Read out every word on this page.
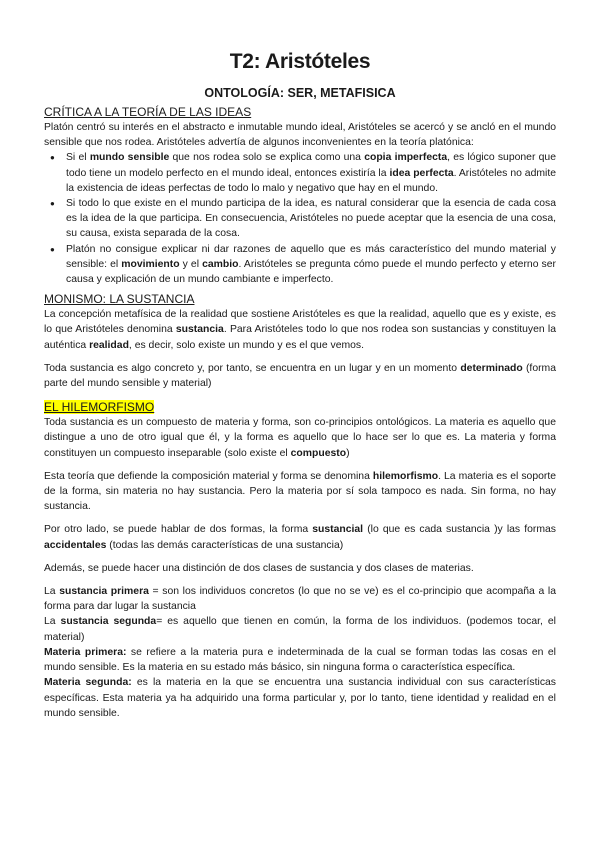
T2: Aristóteles
ONTOLOGÍA: SER, METAFISICA
CRÍTICA A LA TEORÍA DE LAS IDEAS

Platón centró su interés en el abstracto e inmutable mundo ideal, Aristóteles se acercó y se ancló en el mundo sensible que nos rodea. Aristóteles advertía de algunos inconvenientes en la teoría platónica:

● Si el mundo sensible que nos rodea solo se explica como una copia imperfecta, es lógico suponer que todo tiene un modelo perfecto en el mundo ideal, entonces existiría la idea perfecta. Aristóteles no admite la existencia de ideas perfectas de todo lo malo y negativo que hay en el mundo.
● Si todo lo que existe en el mundo participa de la idea, es natural considerar que la esencia de cada cosa es la idea de la que participa. En consecuencia, Aristóteles no puede aceptar que la esencia de una cosa, su causa, exista separada de la cosa.
● Platón no consigue explicar ni dar razones de aquello que es más característico del mundo material y sensible: el movimiento y el cambio. Aristóteles se pregunta cómo puede el mundo perfecto y eterno ser causa y explicación de un mundo cambiante e imperfecto.
MONISMO: LA SUSTANCIA

La concepción metafísica de la realidad que sostiene Aristóteles es que la realidad, aquello que es y existe, es lo que Aristóteles denomina sustancia. Para Aristóteles todo lo que nos rodea son sustancias y constituyen la auténtica realidad, es decir, solo existe un mundo y es el que vemos.

Toda sustancia es algo concreto y, por tanto, se encuentra en un lugar y en un momento determinado (forma parte del mundo sensible y material)

EL HILEMORFISMO

Toda sustancia es un compuesto de materia y forma, son co-principios ontológicos. La materia es aquello que distingue a uno de otro igual que él, y la forma es aquello que lo hace ser lo que es. La materia y forma constituyen un compuesto inseparable (solo existe el compuesto)

Esta teoría que defiende la composición material y forma se denomina hilemorfismo. La materia es el soporte de la forma, sin materia no hay sustancia. Pero la materia por sí sola tampoco es nada. Sin forma, no hay sustancia.

Por otro lado, se puede hablar de dos formas, la forma sustancial (lo que es cada sustancia )y las formas accidentales (todas las demás características de una sustancia)

Además, se puede hacer una distinción de dos clases de sustancia y dos clases de materias.

La sustancia primera = son los individuos concretos (lo que no se ve) es el co-principio que acompaña a la forma para dar lugar la sustancia

La sustancia segunda= es aquello que tienen en común, la forma de los individuos. (podemos tocar, el material)

Materia primera: se refiere a la materia pura e indeterminada de la cual se forman todas las cosas en el mundo sensible. Es la materia en su estado más básico, sin ninguna forma o característica específica.

Materia segunda: es la materia en la que se encuentra una sustancia individual con sus características específicas. Esta materia ya ha adquirido una forma particular y, por lo tanto, tiene identidad y realidad en el mundo sensible.
